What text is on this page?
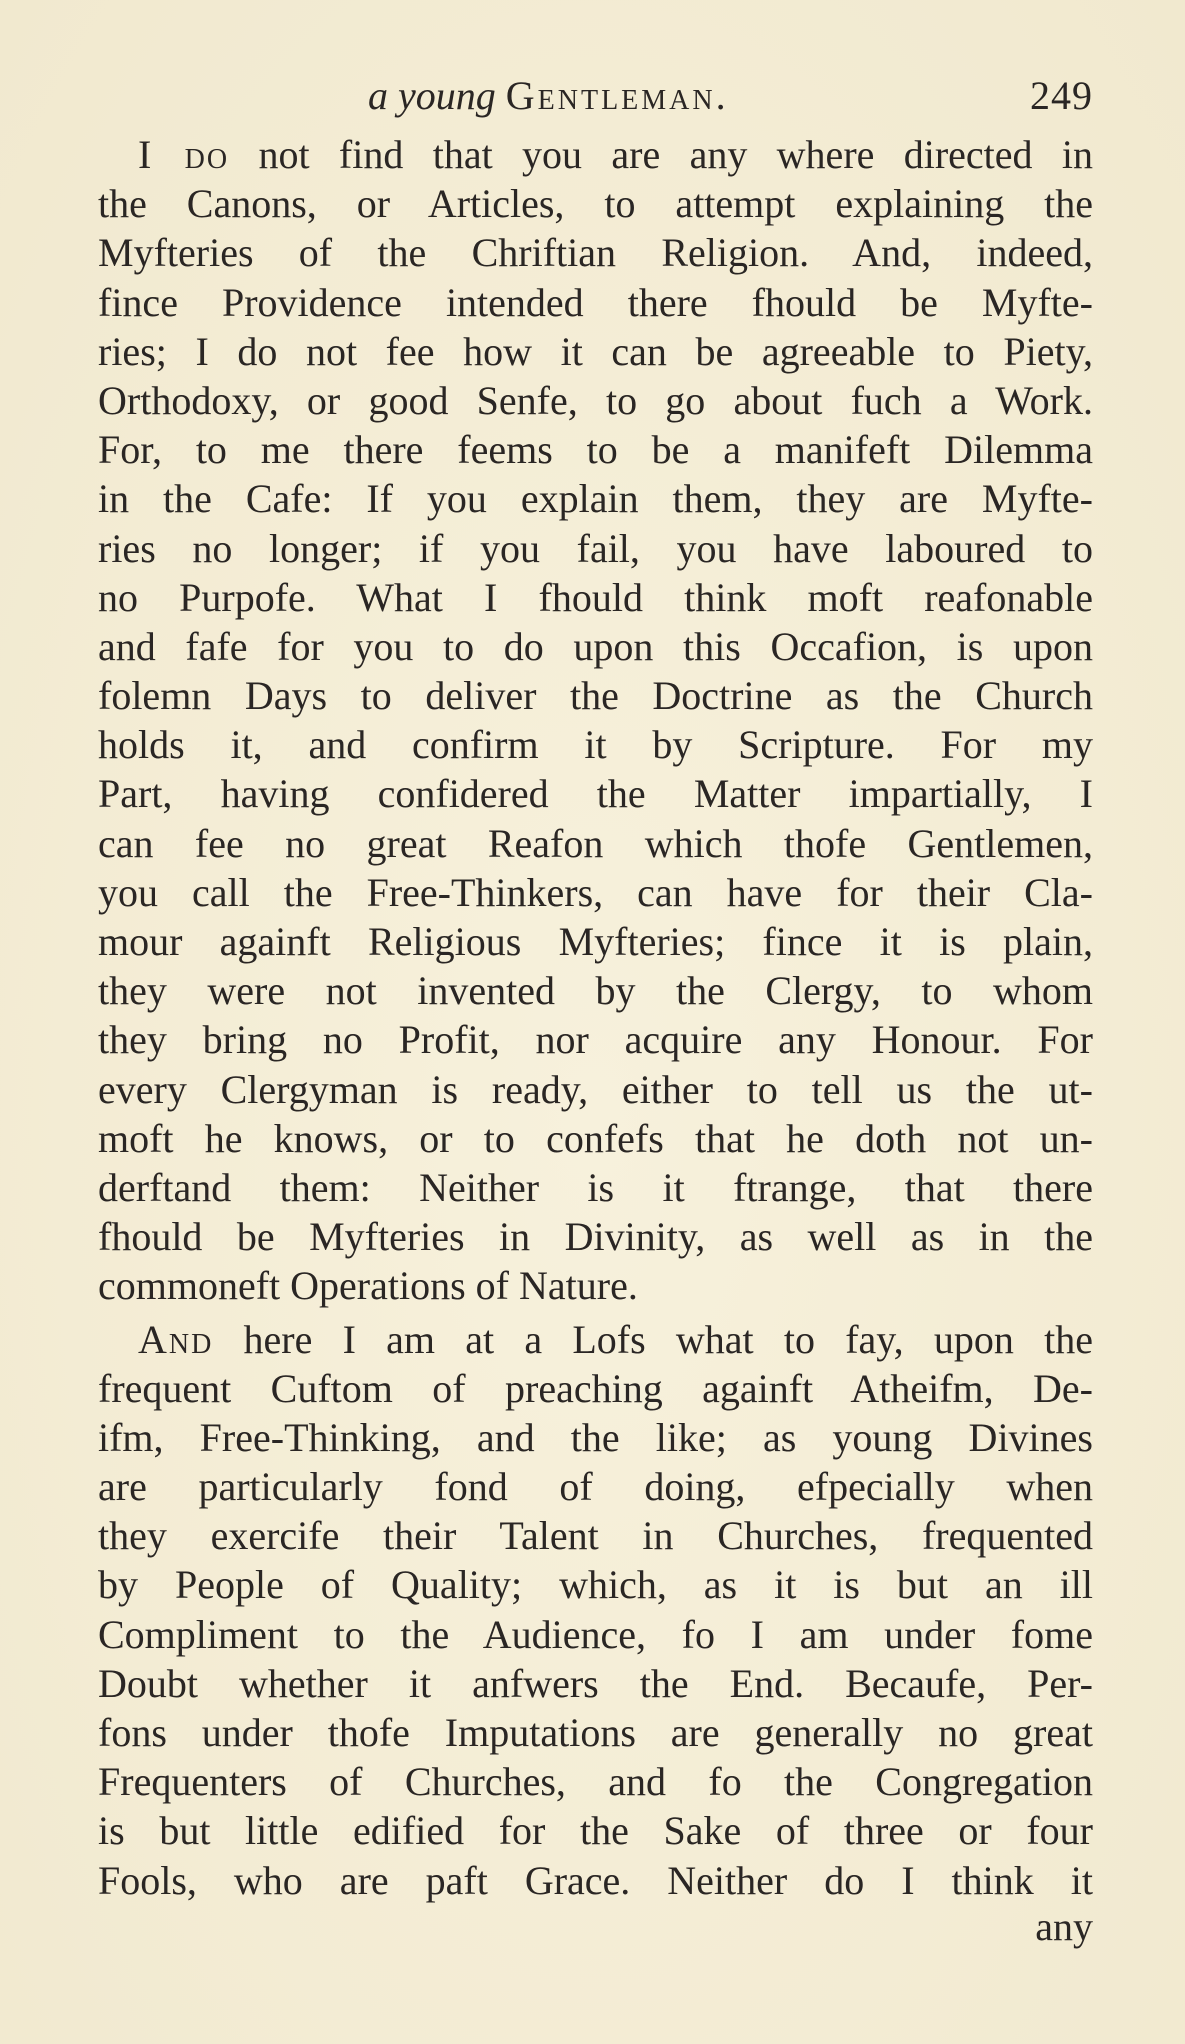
a young Gentleman.	249
I do not find that you are any where directed in
the Canons, or Articles, to attempt explaining the
Myfteries of the Chriftian Religion. And, indeed,
fince Providence intended there fhould be Myfte-
ries; I do not fee how it can be agreeable to Piety,
Orthodoxy, or good Senfe, to go about fuch a Work.
For, to me there feems to be a manifeft Dilemma
in the Cafe: If you explain them, they are Myfte-
ries no longer; if you fail, you have laboured to
no Purpofe. What I fhould think moft reafonable
and fafe for you to do upon this Occafion, is upon
folemn Days to deliver the Doctrine as the Church
holds it, and confirm it by Scripture. For my
Part, having confidered the Matter impartially, I
can fee no great Reafon which thofe Gentlemen,
you call the Free-Thinkers, can have for their Cla-
mour againft Religious Myfteries; fince it is plain,
they were not invented by the Clergy, to whom
they bring no Profit, nor acquire any Honour. For
every Clergyman is ready, either to tell us the ut-
moft he knows, or to confefs that he doth not un-
derftand them: Neither is it ftrange, that there
fhould be Myfteries in Divinity, as well as in the
commoneft Operations of Nature.
And here I am at a Lofs what to fay, upon the
frequent Cuftom of preaching againft Atheifm, De-
ifm, Free-Thinking, and the like; as young Divines
are particularly fond of doing, efpecially when
they exercife their Talent in Churches, frequented
by People of Quality; which, as it is but an ill
Compliment to the Audience, fo I am under fome
Doubt whether it anfwers the End. Becaufe, Per-
fons under thofe Imputations are generally no great
Frequenters of Churches, and fo the Congregation
is but little edified for the Sake of three or four
Fools, who are paft Grace. Neither do I think it
any
